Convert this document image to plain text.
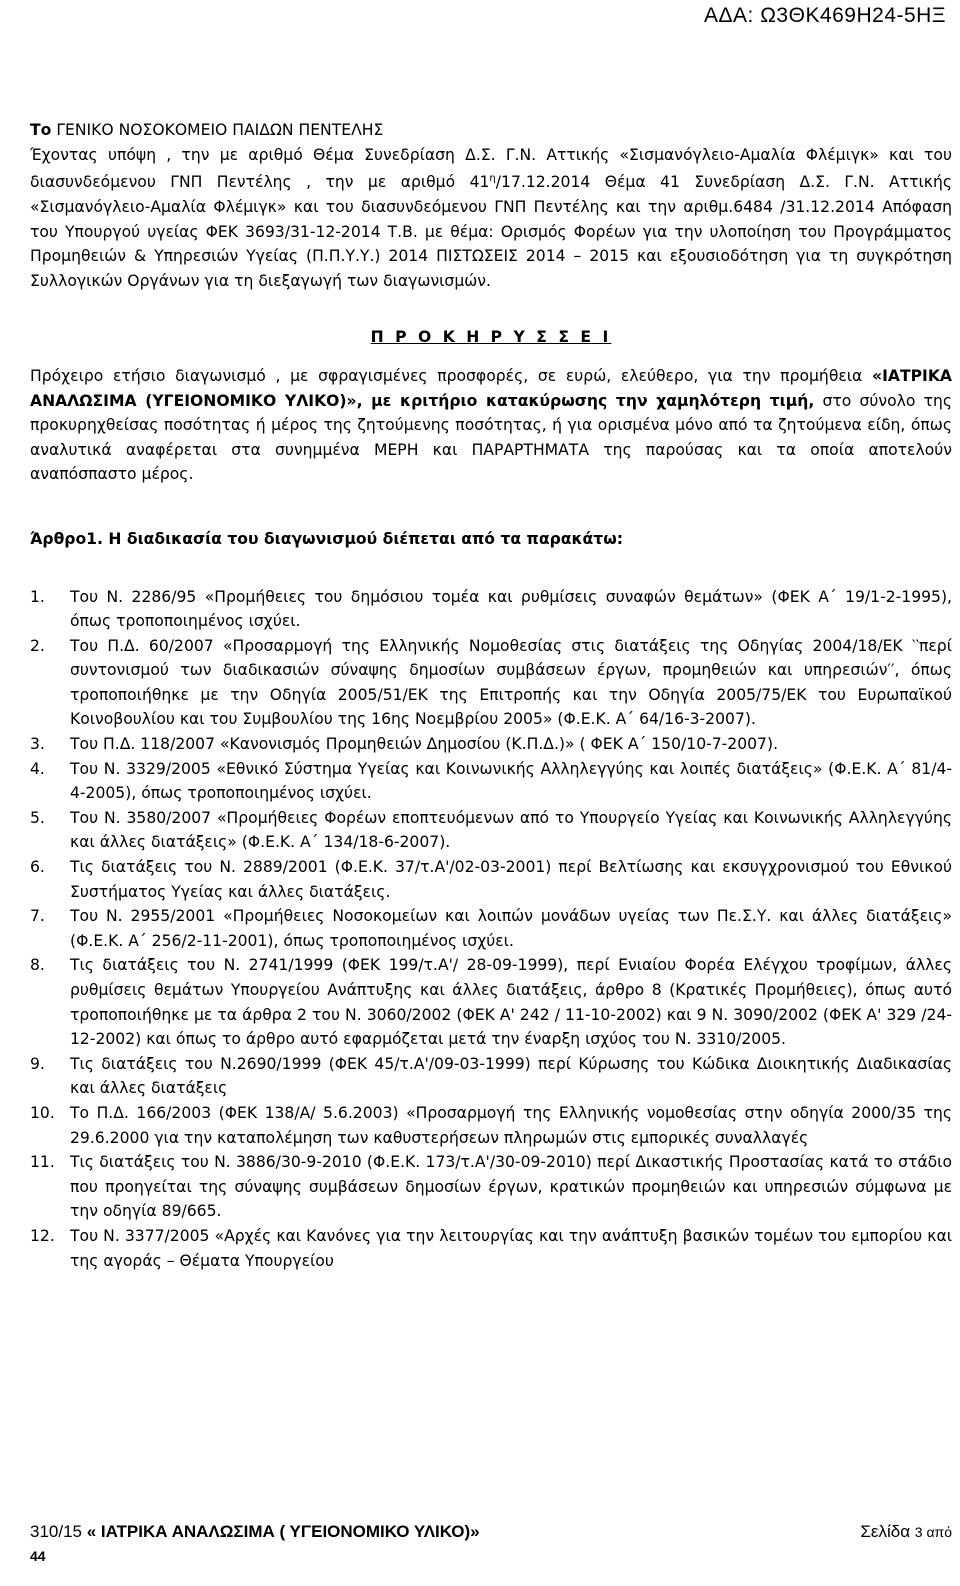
ΑΔΑ: Ω3ΘΚ469Η24-5ΗΞ

Το ΓΕΝΙΚΟ ΝΟΣΟΚΟΜΕΙΟ ΠΑΙΔΩΝ ΠΕΝΤΕΛΗΣ

Έχοντας υπόψη , την με αριθμό Θέμα Συνεδρίαση Δ.Σ. Γ.Ν. Αττικής «Σισμανόγλειο-Αμαλία Φλέμιγκ» και του διασυνδεόμενου ΓΝΠ Πεντέλης , την με αριθμό $41^\eta/17.12.2014$ Θέμα 41 Συνεδρίαση Δ.Σ. Γ.Ν. Αττικής «Σισμανόγλειο-Αμαλία Φλέμιγκ» και του διασυνδεόμενου ΓΝΠ Πεντέλης και την αριθμ.6484 /31.12.2014 Απόφαση του Υπουργού υγείας ΦΕΚ 3693/31-12-2014 Τ.Β. με θέμα: Ορισμός Φορέων για την υλοποίηση του Προγράμματος Προμηθειών & Υπηρεσιών Υγείας (Π.Π.Υ.Υ.) 2014 ΠΙΣΤΩΣΕΙΣ 2014 – 2015 και εξουσιοδότηση για τη συγκρότηση Συλλογικών Οργάνων για τη διεξαγωγή των διαγωνισμών.

Π Ρ Ο Κ Η Ρ Υ Σ Σ Ε Ι

Πρόχειρο ετήσιο διαγωνισμό , με σφραγισμένες προσφορές, σε ευρώ, ελεύθερο, για την προμήθεια «ΙΑΤΡΙΚΑ ΑΝΑΛΩΣΙΜΑ (ΥΓΕΙΟΝΟΜΙΚΟ ΥΛΙΚΟ)», με κριτήριο κατακύρωσης την χαμηλότερη τιμή, στο σύνολο της προκυρηχθείσας ποσότητας ή μέρος της ζητούμενης ποσότητας, ή για ορισμένα μόνο από τα ζητούμενα είδη, όπως αναλυτικά αναφέρεται στα συνημμένα ΜΕΡΗ και ΠΑΡΑΡΤΗΜΑΤΑ της παρούσας και τα οποία αποτελούν αναπόσπαστο μέρος.

Άρθρο1. Η διαδικασία του διαγωνισμού διέπεται από τα παρακάτω:
1.	Του Ν. 2286/95 «Προμήθειες του δημόσιου τομέα και ρυθμίσεις συναφών θεμάτων» (ΦΕΚ Α΄ 19/1-2-1995), όπως τροποποιημένος ισχύει.
2.	Του Π.Δ. 60/2007 «Προσαρμογή της Ελληνικής Νομοθεσίας στις διατάξεις της Οδηγίας 2004/18/ΕΚ ‵‵περί συντονισμού των διαδικασιών σύναψης δημοσίων συμβάσεων έργων, προμηθειών και υπηρεσιών′′, όπως τροποποιήθηκε με την Οδηγία 2005/51/ΕΚ της Επιτροπής και την Οδηγία 2005/75/ΕΚ του Ευρωπαϊκού Κοινοβουλίου και του Συμβουλίου της 16ης Νοεμβρίου 2005» (Φ.Ε.Κ. Α΄ 64/16-3-2007).
3.	Του Π.Δ. 118/2007 «Κανονισμός Προμηθειών Δημοσίου (Κ.Π.Δ.)» ( ΦΕΚ Α΄ 150/10-7-2007).
4.	Του Ν. 3329/2005 «Εθνικό Σύστημα Υγείας και Κοινωνικής Αλληλεγγύης και λοιπές διατάξεις» (Φ.Ε.Κ. Α΄ 81/4-4-2005), όπως τροποποιημένος ισχύει.
5.	Του Ν. 3580/2007 «Προμήθειες Φορέων εποπτευόμενων από το Υπουργείο Υγείας και Κοινωνικής Αλληλεγγύης και άλλες διατάξεις» (Φ.Ε.Κ. Α΄ 134/18-6-2007).
6.	Τις διατάξεις του Ν. 2889/2001 (Φ.Ε.Κ. 37/τ.Α'/02-03-2001) περί Βελτίωσης και εκσυγχρονισμού του Εθνικού Συστήματος Υγείας και άλλες διατάξεις.
7.	Του Ν. 2955/2001 «Προμήθειες Νοσοκομείων και λοιπών μονάδων υγείας των Πε.Σ.Υ. και άλλες διατάξεις» (Φ.Ε.Κ. Α΄ 256/2-11-2001), όπως τροποποιημένος ισχύει.
8.	Τις διατάξεις του Ν. 2741/1999 (ΦΕΚ 199/τ.Α'/ 28-09-1999), περί Ενιαίου Φορέα Ελέγχου τροφίμων, άλλες ρυθμίσεις θεμάτων Υπουργείου Ανάπτυξης και άλλες διατάξεις, άρθρο 8 (Κρατικές Προμήθειες), όπως αυτό τροποποιήθηκε με τα άρθρα 2 του Ν. 3060/2002 (ΦΕΚ Α' 242 / 11-10-2002) και 9 Ν. 3090/2002 (ΦΕΚ Α' 329 /24-12-2002) και όπως το άρθρο αυτό εφαρμόζεται μετά την έναρξη ισχύος του Ν. 3310/2005.
9.	Τις διατάξεις του Ν.2690/1999 (ΦΕΚ 45/τ.Α'/09-03-1999) περί Κύρωσης του Κώδικα Διοικητικής Διαδικασίας και άλλες διατάξεις
10. Το Π.Δ. 166/2003 (ΦΕΚ 138/Α/ 5.6.2003) «Προσαρμογή της Ελληνικής νομοθεσίας στην οδηγία 2000/35 της 29.6.2000 για την καταπολέμηση των καθυστερήσεων πληρωμών στις εμπορικές συναλλαγές
11. Τις διατάξεις του Ν. 3886/30-9-2010 (Φ.Ε.Κ. 173/τ.Α'/30-09-2010) περί Δικαστικής Προστασίας κατά το στάδιο που προηγείται της σύναψης συμβάσεων δημοσίων έργων, κρατικών προμηθειών και υπηρεσιών σύμφωνα με την οδηγία 89/665.
12. Του Ν. 3377/2005 «Αρχές και Κανόνες για την λειτουργίας και την ανάπτυξη βασικών τομέων του εμπορίου και της αγοράς – Θέματα Υπουργείου
310/15 « ΙΑΤΡΙΚΑ ΑΝΑΛΩΣΙΜΑ ( ΥΓΕΙΟΝΟΜΙΚΟ ΥΛΙΚΟ)»	Σελίδα 3 από
44
